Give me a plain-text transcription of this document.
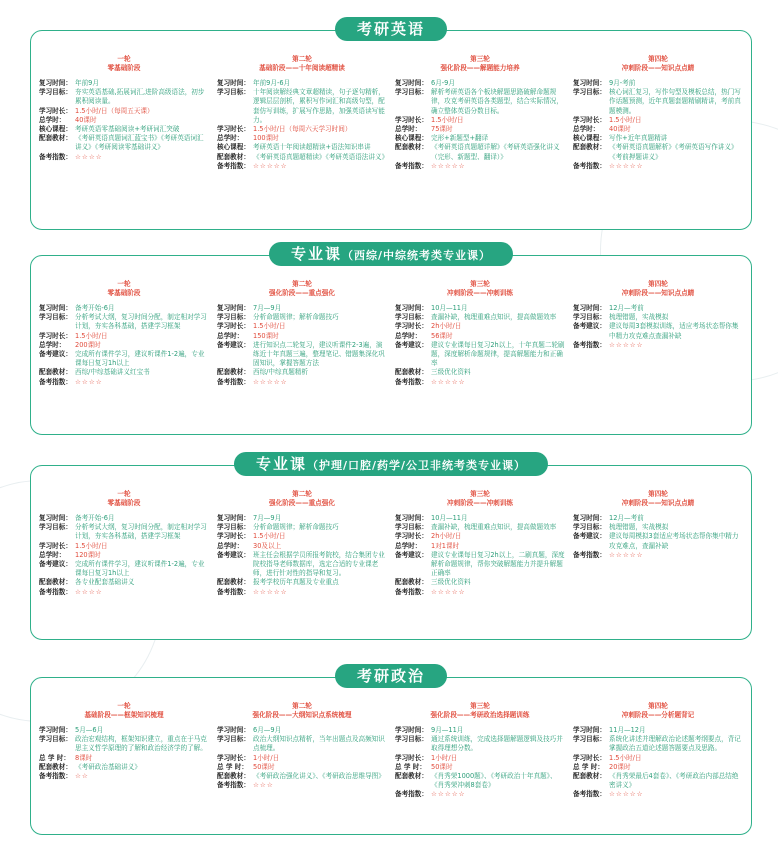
考研英语
一轮
零基础阶段
复习时间： 年前9月
学习目标： 夯实英语基础,拓展词汇,进阶高级语法，初步累积阅读量。
学习时长： 1.5小时/日（每周五天课）
总学时：	40课时
核心课程： 考研英语零基础阅读+考研词汇突破
配套教材： 《考研英语真题词汇蓝宝书》《考研英语词汇讲义》《考研阅读零基础讲义》
备考指数： ☆☆☆☆
第二轮
基础阶段——十年阅读超精读
复习时间： 年前9月-6月
学习目标： 十年阅读解经典文章超精读，句子逐句精析，逻辑层层剖析，累积写作词汇和高级句型，配套仿写训练，扩展写作思路，加强英语读写能力。
学习时长： 1.5小时/日（每周六天学习时间）
总学时：	100课时
核心课程： 考研英语十年阅读超精读+语法知识串讲
配套教材： 《考研英语真题超精读》《考研英语语法讲义》
备考指数： ☆☆☆☆☆
第三轮
强化阶段——解题能力培养
复习时间： 6月-9月
学习目标： 解析考研英语各个板块解题思路破解命题规律，攻克考研英语各类题型，结合实际情况，确立整体英语分数目标。
学习时长： 1.5小时/日
总学时：	75课时
核心课程： 完形+新题型+翻译
配套教材： 《考研英语真题超详解》《考研英语强化讲义（完形、新题型、翻译）》
备考指数： ☆☆☆☆☆
第四轮
冲刺阶段——知识点点睛
复习时间： 9月-考前
学习目标： 核心词汇复习，写作句型及模板总结，热门写作话题预测，近年真题套题精刷精讲，考前真题模测。
学习时长： 1.5小时/日
总学时：	40课时
核心课程： 写作+近年真题精讲
配套教材： 《考研英语真题解析》《考研英语写作讲义》《考前押题讲义》
备考指数： ☆☆☆☆☆
专业课（西综/中综统考类专业课）
一轮
零基础阶段
复习时间： 备考开始-6月
学习目标： 分析考试大纲，复习时间分配，制定相对学习计划，夯实各科基础，搭建学习框架
学习时长： 1.5小时/日
总学时：	200课时
备考建议： 完成所有课件学习，建议听课件1-2遍，专业课每日复习1h以上
配套教材： 西综/中综基础讲义红宝书
备考指数： ☆☆☆☆
第二轮
强化阶段——重点强化
复习时间： 7月—9月
学习目标： 分析命题规律；解析命题技巧
学习时长： 1.5小时/日
总学时：	150课时
备考建议： 进行知识点二轮复习，建议听课件2-3遍，演练近十年真题三遍，整理笔记、错题集深化巩固知识，掌握答题方法
配套教材： 西综/中综真题精析
备考指数： ☆☆☆☆☆
第三轮
冲刺阶段——冲刺训练
复习时间： 10月—11月
学习目标： 查漏补缺，梳理重难点知识，提高做题效率
学习时长： 2h小时/日
总学时：	56课时
备考建议： 建议专业课每日复习2h以上，十年真题二轮刷题，深度解析命题规律，提高解题能力和正确率
配套教材： 三级优化资料
备考指数： ☆☆☆☆☆
第四轮
冲刺阶段——知识点点睛
复习时间： 12月—考前
学习目标： 梳理错题，实战模拟
备考建议： 建议每周3套模拟训练，适应考场状态帮你集中精力攻克难点查漏补缺
备考指数： ☆☆☆☆☆
专业课（护理/口腔/药学/公卫非统考类专业课）
一轮
零基础阶段
复习时间： 备考开始-6月
学习目标： 分析考试大纲，复习时间分配，制定相对学习计划，夯实各科基础，搭建学习框架
学习时长： 1.5小时/日
总学时：	120课时
备考建议： 完成所有课件学习，建议听课件1-2遍，专业课每日复习1h以上
配套教材： 各专业配套基础讲义
备考指数： ☆☆☆☆
第二轮
强化阶段——重点强化
复习时间： 7月—9月
学习目标： 分析命题规律；解析命题技巧
学习时长： 1.5小时/日
总学时：	30及以上
备考建议： 班主任会根据学员所报考院校，结合集团专业院校指导老师数据库，选定合适的专业课老师，进行针对性的指导和复习。
配套教材： 报考学校历年真题及专业重点
备考指数： ☆☆☆☆☆
第三轮
冲刺阶段——冲刺训练
复习时间： 10月—11月
学习目标： 查漏补缺，梳理重难点知识，提高做题效率
学习时长： 2h小时/日
总学时：	1对1课时
备考建议： 建议专业课每日复习2h以上，二刷真题，深度解析命题规律，帮你突破解题能力并提升解题正确率
配套教材： 三级优化资料
备考指数： ☆☆☆☆☆
第四轮
冲刺阶段——知识点点睛
复习时间： 12月—考前
学习目标： 梳理错题，实战模拟
备考建议： 建议每周模拟3套适应考场状态帮你集中精力攻克难点，查漏补缺
备考指数： ☆☆☆☆☆
考研政治
一轮
基础阶段——框架知识梳理
学习时间： 5月—6月
学习目标： 政治宏观结构，框架知识建立，重点在于马克思主义哲学原理的了解和政治经济学的了解。
总 学 时： 8课时
配套教材： 《考研政治基础讲义》
备考指数： ☆☆
第二轮
强化阶段——大纲知识点系统梳理
学习时间： 6月—9月
学习目标： 政治大纲知识点精析，当年出题点及高频知识点梳理。
学习时长： 1小时/日
总 学 时： 50课时
配套教材： 《考研政治强化讲义》、《考研政治思维导图》
备考指数： ☆☆☆
第三轮
强化阶段——考研政治选择题训练
学习时间： 9月—11月
学习目标： 通过系统训练，完成选择题解题逻辑及技巧并取得理想分数。
学习时长： 1小时/日
总 学 时： 50课时
配套教材： 《肖秀荣1000题》、《考研政治十年真题》、《肖秀荣冲刺8套卷》
备考指数： ☆☆☆☆☆
第四轮
冲刺阶段——分析题背记
学习时间： 11月—12月
学习目标： 系统化讲述并理解政治论述题考纲要点，背记掌握政治五道论述题答题要点及思路。
学习时长： 1.5小时/日
总 学 时： 20课时
配套教材： 《肖秀荣最后4套卷》、《考研政治内部总结绝密讲义》
备考指数： ☆☆☆☆☆
